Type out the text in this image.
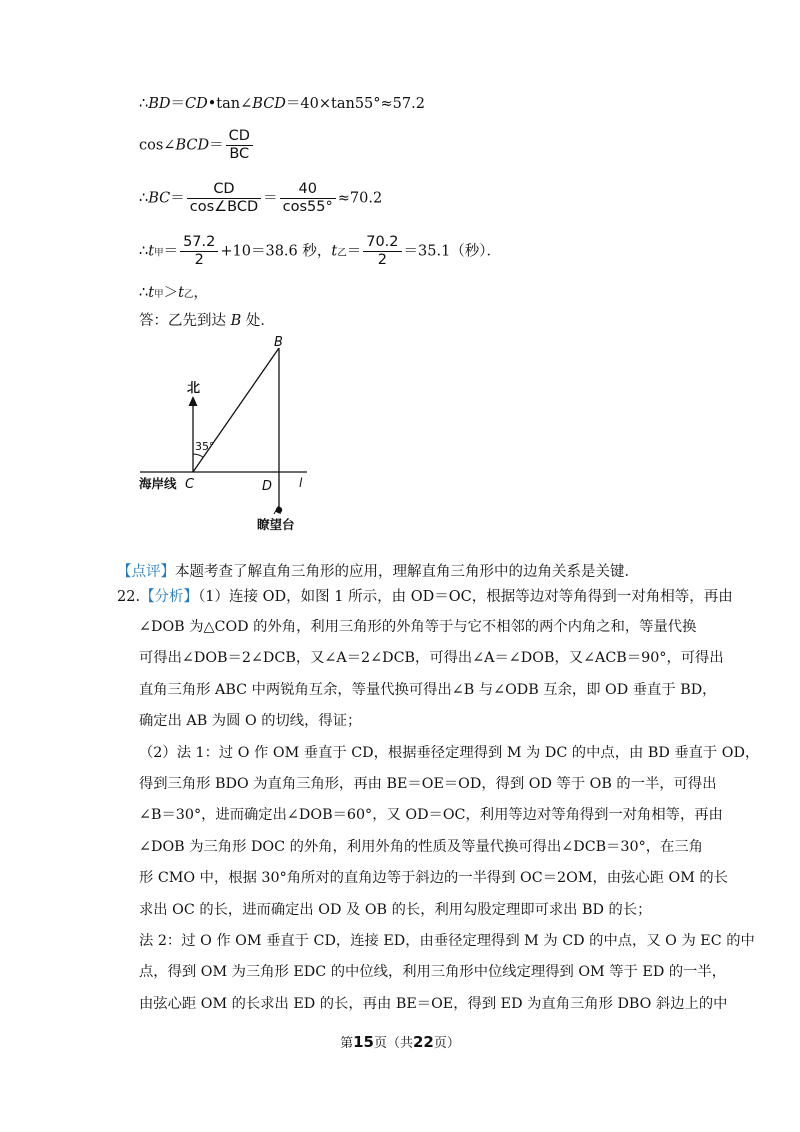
∴BD＝CD•tan∠BCD＝40×tan55°≈57.2
cos∠BCD＝ $\frac{CD}{BC}$
∴BC＝ $\frac{CD}{\text{cos∠BCD}} = \frac{40}{\cos 55^\circ} \approx 70.2$
∴t甲＝ $\frac{57.2}{2} +10=38.6$ 秒，t乙＝ $\frac{70.2}{2} =35.1$（秒）．
∴t甲＞t乙，
答：乙先到达 B 处．
北
35°
B
海岸线 C	D l
A
瞭望台
【点评】本题考查了解直角三角形的应用，理解直角三角形中的边角关系是关键．
22.【分析】（1）连接 OD，如图 1 所示，由 OD＝OC，根据等边对等角得到一对角相等，再由
∠DOB 为△COD 的外角，利用三角形的外角等于与它不相邻的两个内角之和，等量代换
可得出∠DOB＝2∠DCB，又∠A＝2∠DCB，可得出∠A＝∠DOB，又∠ACB＝90°，可得出
直角三角形 ABC 中两锐角互余，等量代换可得出∠B 与∠ODB 互余，即 OD 垂直于 BD，
确定出 AB 为圆 O 的切线，得证；
（2）法 1：过 O 作 OM 垂直于 CD，根据垂径定理得到 M 为 DC 的中点，由 BD 垂直于 OD，
得到三角形 BDO 为直角三角形，再由 BE＝OE＝OD，得到 OD 等于 OB 的一半，可得出
∠B＝30°，进而确定出∠DOB＝60°，又 OD＝OC，利用等边对等角得到一对角相等，再由
∠DOB 为三角形 DOC 的外角，利用外角的性质及等量代换可得出∠DCB＝30°，在三角
形 CMO 中，根据 30°角所对的直角边等于斜边的一半得到 OC＝2OM，由弦心距 OM 的长
求出 OC 的长，进而确定出 OD 及 OB 的长，利用勾股定理即可求出 BD 的长；
法 2：过 O 作 OM 垂直于 CD，连接 ED，由垂径定理得到 M 为 CD 的中点，又 O 为 EC 的中
点，得到 OM 为三角形 EDC 的中位线，利用三角形中位线定理得到 OM 等于 ED 的一半，
由弦心距 OM 的长求出 ED 的长，再由 BE＝OE，得到 ED 为直角三角形 DBO 斜边上的中
第15页（共22页）
